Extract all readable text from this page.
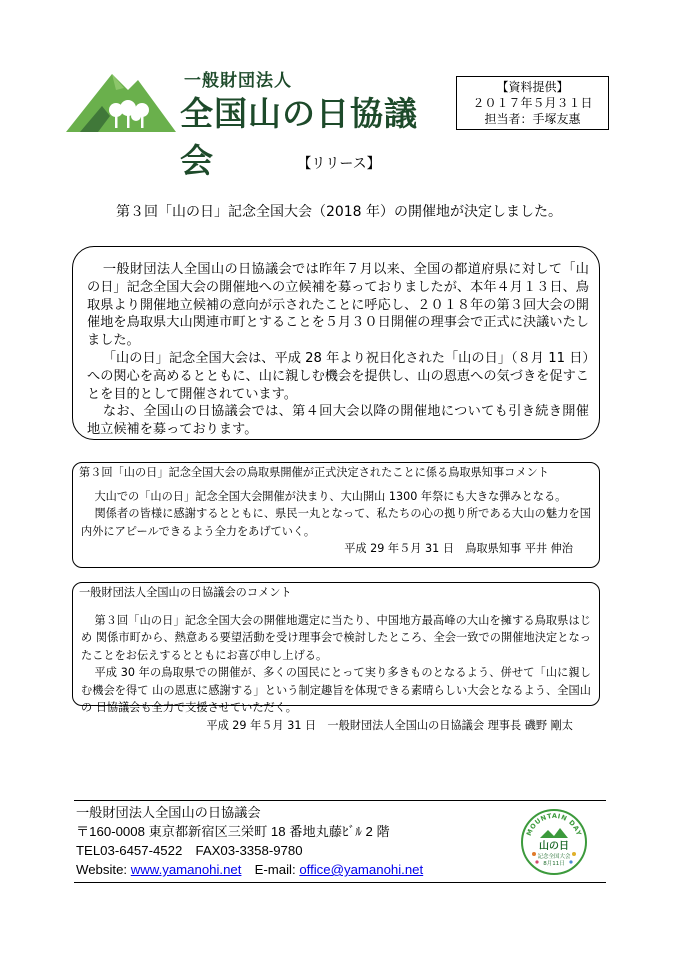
一般財団法人
全国山の日協議会
【資料提供】
２０１７年５月３１日
担当者：手塚友惠
【リリース】
第３回「山の日」記念全国大会（2018 年）の開催地が決定しました。

一般財団法人全国山の日協議会では昨年７月以来、全国の都道府県に対して「山の日」記念全国大会の開催地への立候補を募っておりましたが、本年４月１３日、鳥取県より開催地立候補の意向が示されたことに呼応し、２０１８年の第３回大会の開催地を鳥取県大山関連市町とすることを５月３０日開催の理事会で正式に決議いたしました。

「山の日」記念全国大会は、平成 28 年より祝日化された「山の日」（８月 11 日）への関心を高めるとともに、山に親しむ機会を提供し、山の恩恵への気づきを促すことを目的として開催されています。

なお、全国山の日協議会では、第４回大会以降の開催地についても引き続き開催地立候補を募っております。

第３回「山の日」記念全国大会の鳥取県開催が正式決定されたことに係る鳥取県知事コメント

大山での「山の日」記念全国大会開催が決まり、大山開山 1300 年祭にも大きな弾みとなる。

関係者の皆様に感謝するとともに、県民一丸となって、私たちの心の拠り所である大山の魅力を国内外にアピールできるよう全力をあげていく。

平成 29 年５月 31 日　鳥取県知事 平井 伸治

一般財団法人全国山の日協議会のコメント

第３回「山の日」記念全国大会の開催地選定に当たり、中国地方最高峰の大山を擁する鳥取県はじめ 関係市町から、熱意ある要望活動を受け理事会で検討したところ、全会一致での開催地決定となったことをお伝えするとともにお喜び申し上げる。

平成 30 年の鳥取県での開催が、多くの国民にとって実り多きものとなるよう、併せて「山に親しむ機会を得て 山の恩恵に感謝する」という制定趣旨を体現できる素晴らしい大会となるよう、全国山の 日協議会も全力で支援させていただく。

平成 29 年５月 31 日　一般財団法人全国山の日協議会 理事長 磯野 剛太

一般財団法人全国山の日協議会
〒160-0008 東京都新宿区三栄町 18 番地丸藤ﾋﾞﾙ 2 階
TEL03-6457-4522　FAX03-3358-9780
Website: www.yamanohi.net　E-mail: office@yamanohi.net
MOUNTAIN DAY
山の日
記念全国大会
8月11日
